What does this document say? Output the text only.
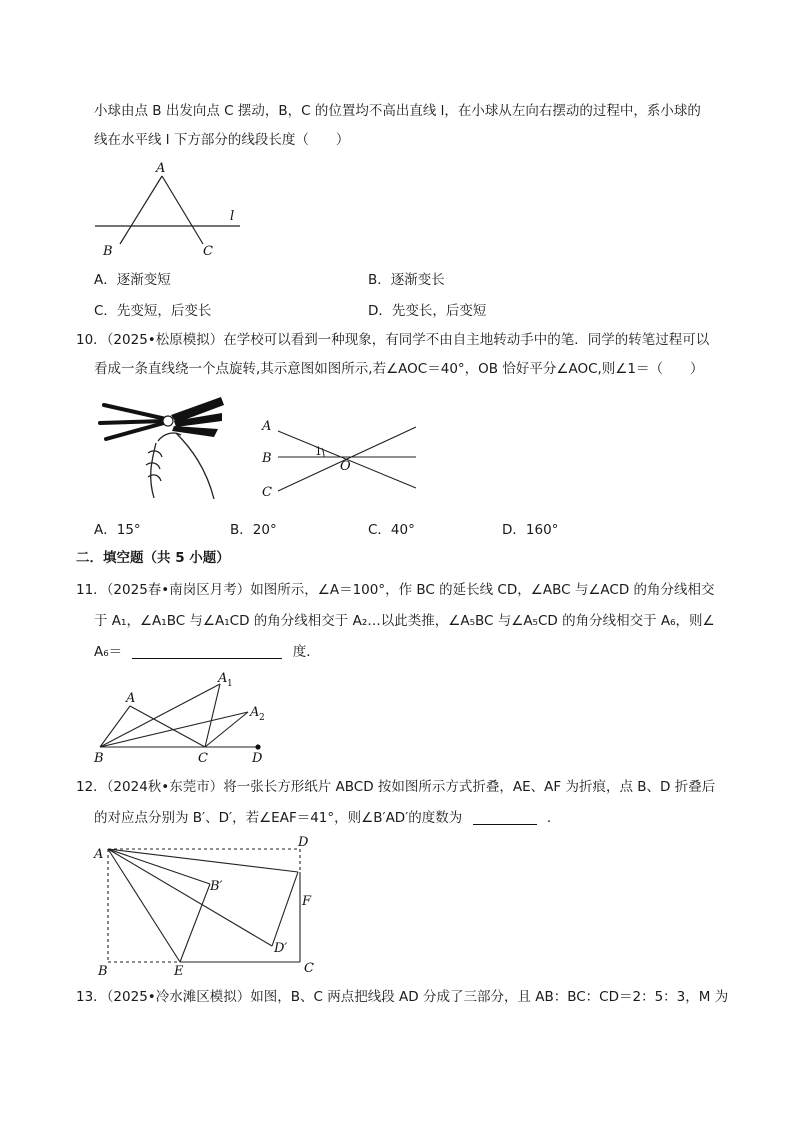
小球由点 B 出发向点 C 摆动，B，C 的位置均不高出直线 l，在小球从左向右摆动的过程中，系小球的
线在水平线 l 下方部分的线段长度（　　）
A
l
B	C
A．逐渐变短	B．逐渐变长
C．先变短，后变长	D．先变长，后变短
10．（2025•松原模拟）在学校可以看到一种现象，有同学不由自主地转动手中的笔．同学的转笔过程可以
看成一条直线绕一个点旋转,其示意图如图所示,若∠AOC＝40°，OB 恰好平分∠AOC,则∠1＝（　　）
A
B
C
O
1
A．15°	B．20°	C．40°	D．160°
二．填空题（共 5 小题）
11．（2025春•南岗区月考）如图所示，∠A＝100°，作 BC 的延长线 CD，∠ABC 与∠ACD 的角分线相交
于 A₁，∠A₁BC 与∠A₁CD 的角分线相交于 A₂…以此类推，∠A₅BC 与∠A₅CD 的角分线相交于 A₆，则∠
A₆＝	度．
A
A 1
A 2
B	C	D
12．（2024秋•东莞市）将一张长方形纸片 ABCD 按如图所示方式折叠，AE、AF 为折痕，点 B、D 折叠后
的对应点分别为 B′、D′，若∠EAF＝41°，则∠B′AD′的度数为	．
A
D
B′
F
D′
B	E	C
13．（2025•冷水滩区模拟）如图，B、C 两点把线段 AD 分成了三部分，且 AB：BC：CD＝2：5：3，M 为
